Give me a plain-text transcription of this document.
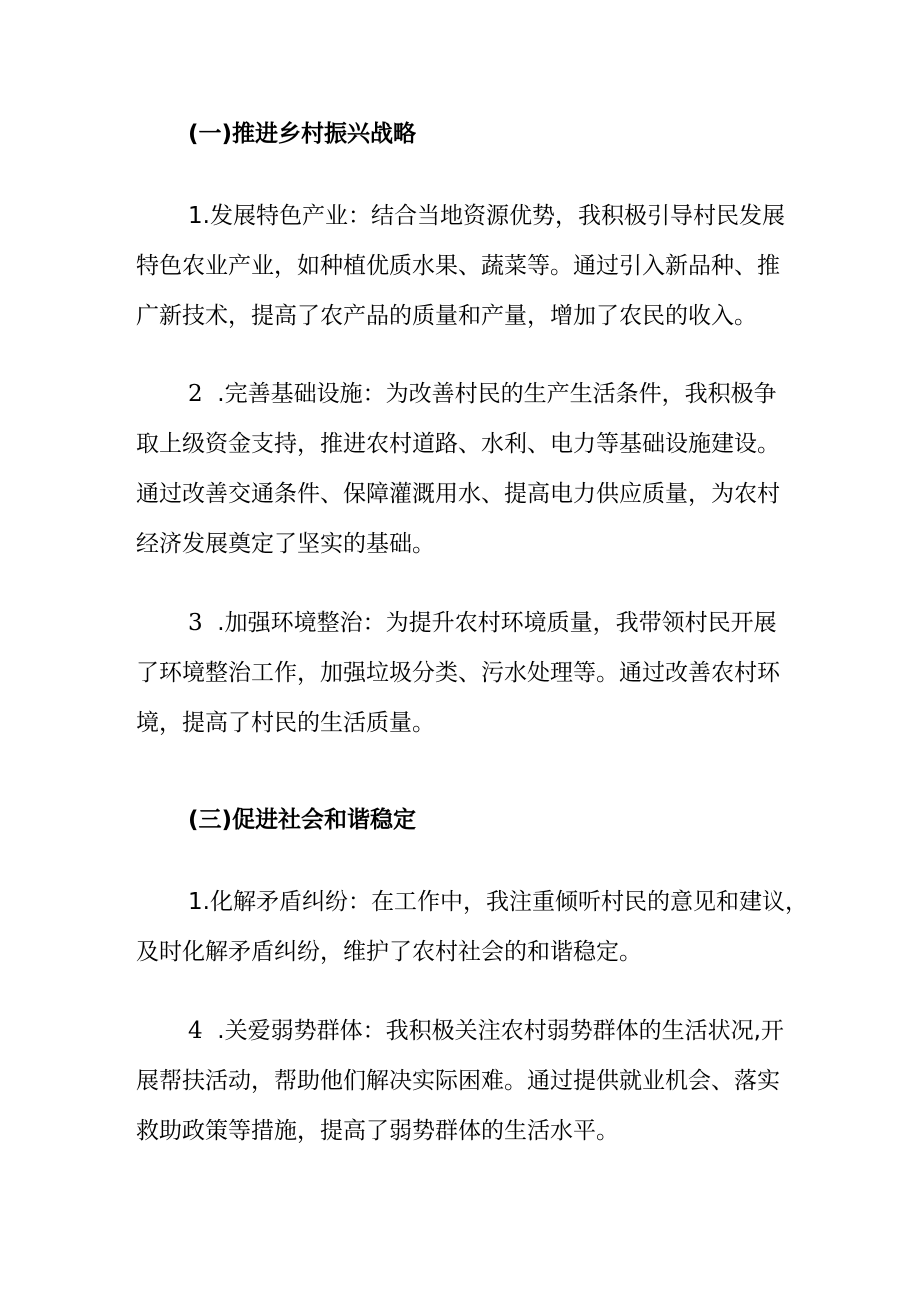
(一)推进乡村振兴战略
1.发展特色产业：结合当地资源优势，我积极引导村民发展
特色农业产业，如种植优质水果、蔬菜等。通过引入新品种、推
广新技术，提高了农产品的质量和产量，增加了农民的收入。
2 .完善基础设施：为改善村民的生产生活条件，我积极争
取上级资金支持，推进农村道路、水利、电力等基础设施建设。
通过改善交通条件、保障灌溉用水、提高电力供应质量，为农村
经济发展奠定了坚实的基础。
3 .加强环境整治：为提升农村环境质量，我带领村民开展
了环境整治工作，加强垃圾分类、污水处理等。通过改善农村环
境，提高了村民的生活质量。
(三)促进社会和谐稳定
1.化解矛盾纠纷：在工作中，我注重倾听村民的意见和建议，
及时化解矛盾纠纷，维护了农村社会的和谐稳定。
4 .关爱弱势群体：我积极关注农村弱势群体的生活状况,开
展帮扶活动，帮助他们解决实际困难。通过提供就业机会、落实
救助政策等措施，提高了弱势群体的生活水平。
